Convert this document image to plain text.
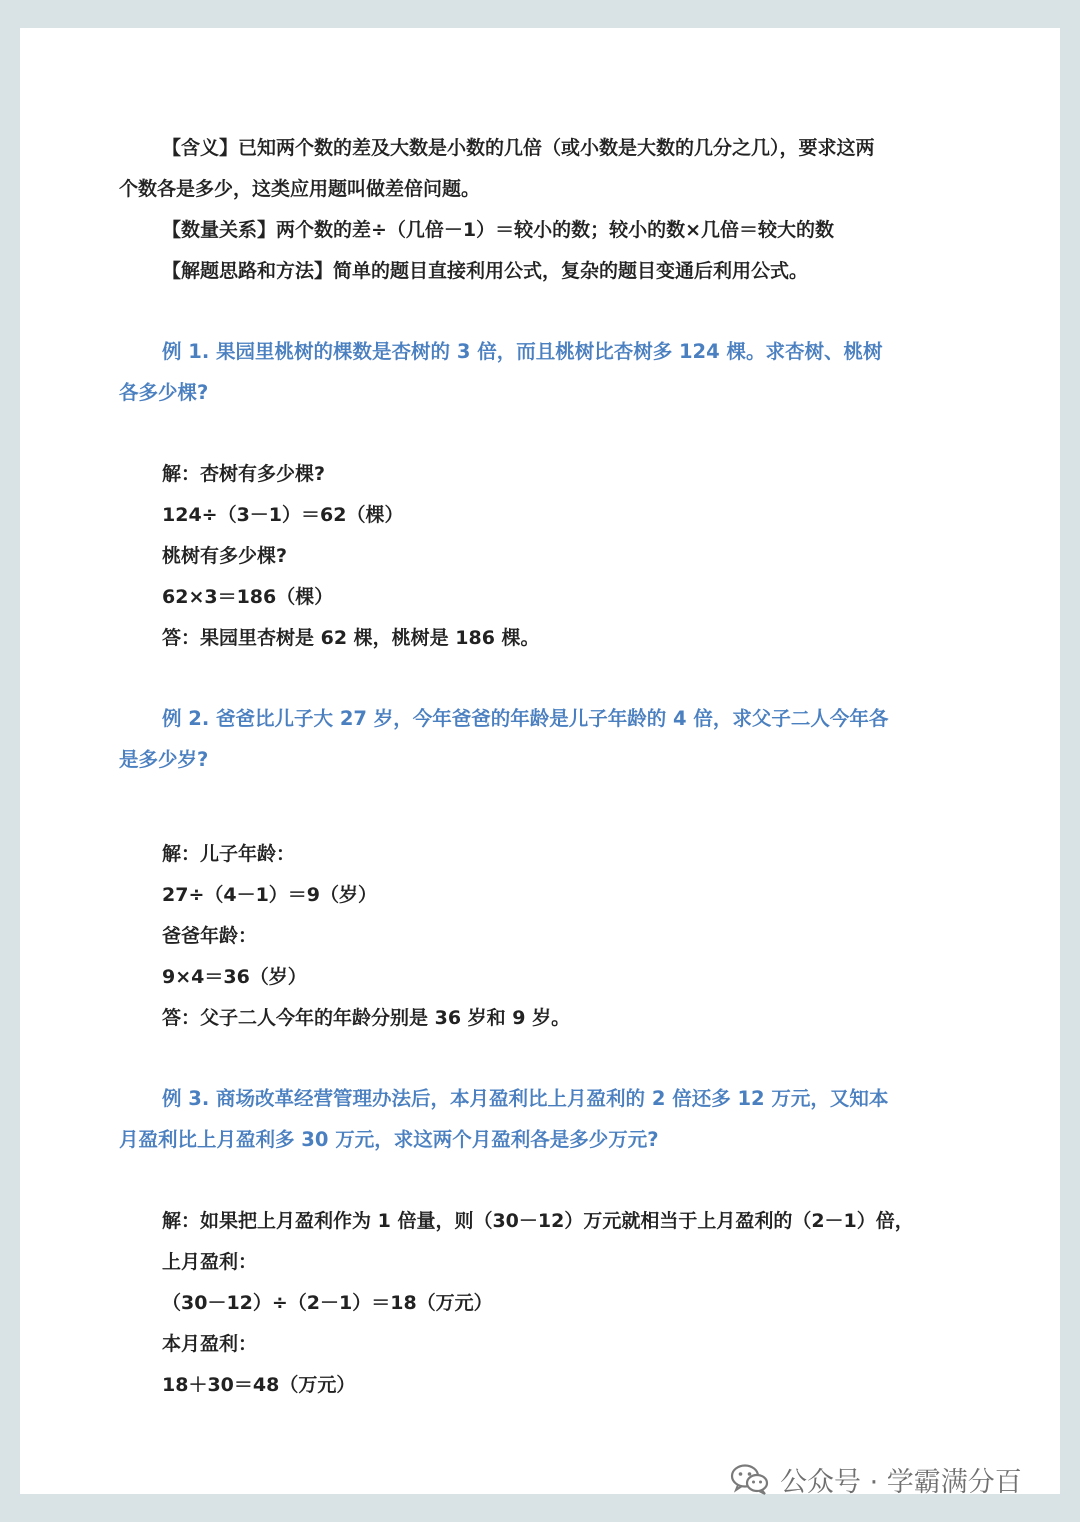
【含义】已知两个数的差及大数是小数的几倍（或小数是大数的几分之几），要求这两
个数各是多少，这类应用题叫做差倍问题。
【数量关系】两个数的差÷（几倍－1）＝较小的数；较小的数×几倍＝较大的数
【解题思路和方法】简单的题目直接利用公式，复杂的题目变通后利用公式。
例 1. 果园里桃树的棵数是杏树的 3 倍，而且桃树比杏树多 124 棵。求杏树、桃树
各多少棵?
解：杏树有多少棵?
124÷（3－1）＝62（棵）
桃树有多少棵?
62×3＝186（棵）
答：果园里杏树是 62 棵，桃树是 186 棵。
例 2. 爸爸比儿子大 27 岁，今年爸爸的年龄是儿子年龄的 4 倍，求父子二人今年各
是多少岁?
解：儿子年龄：
27÷（4－1）＝9（岁）
爸爸年龄：
9×4＝36（岁）
答：父子二人今年的年龄分别是 36 岁和 9 岁。
例 3. 商场改革经营管理办法后，本月盈利比上月盈利的 2 倍还多 12 万元，又知本
月盈利比上月盈利多 30 万元，求这两个月盈利各是多少万元?
解：如果把上月盈利作为 1 倍量，则（30－12）万元就相当于上月盈利的（2－1）倍，
上月盈利：
（30－12）÷（2－1）＝18（万元）
本月盈利：
18＋30＝48（万元）
公众号 · 学霸满分百
